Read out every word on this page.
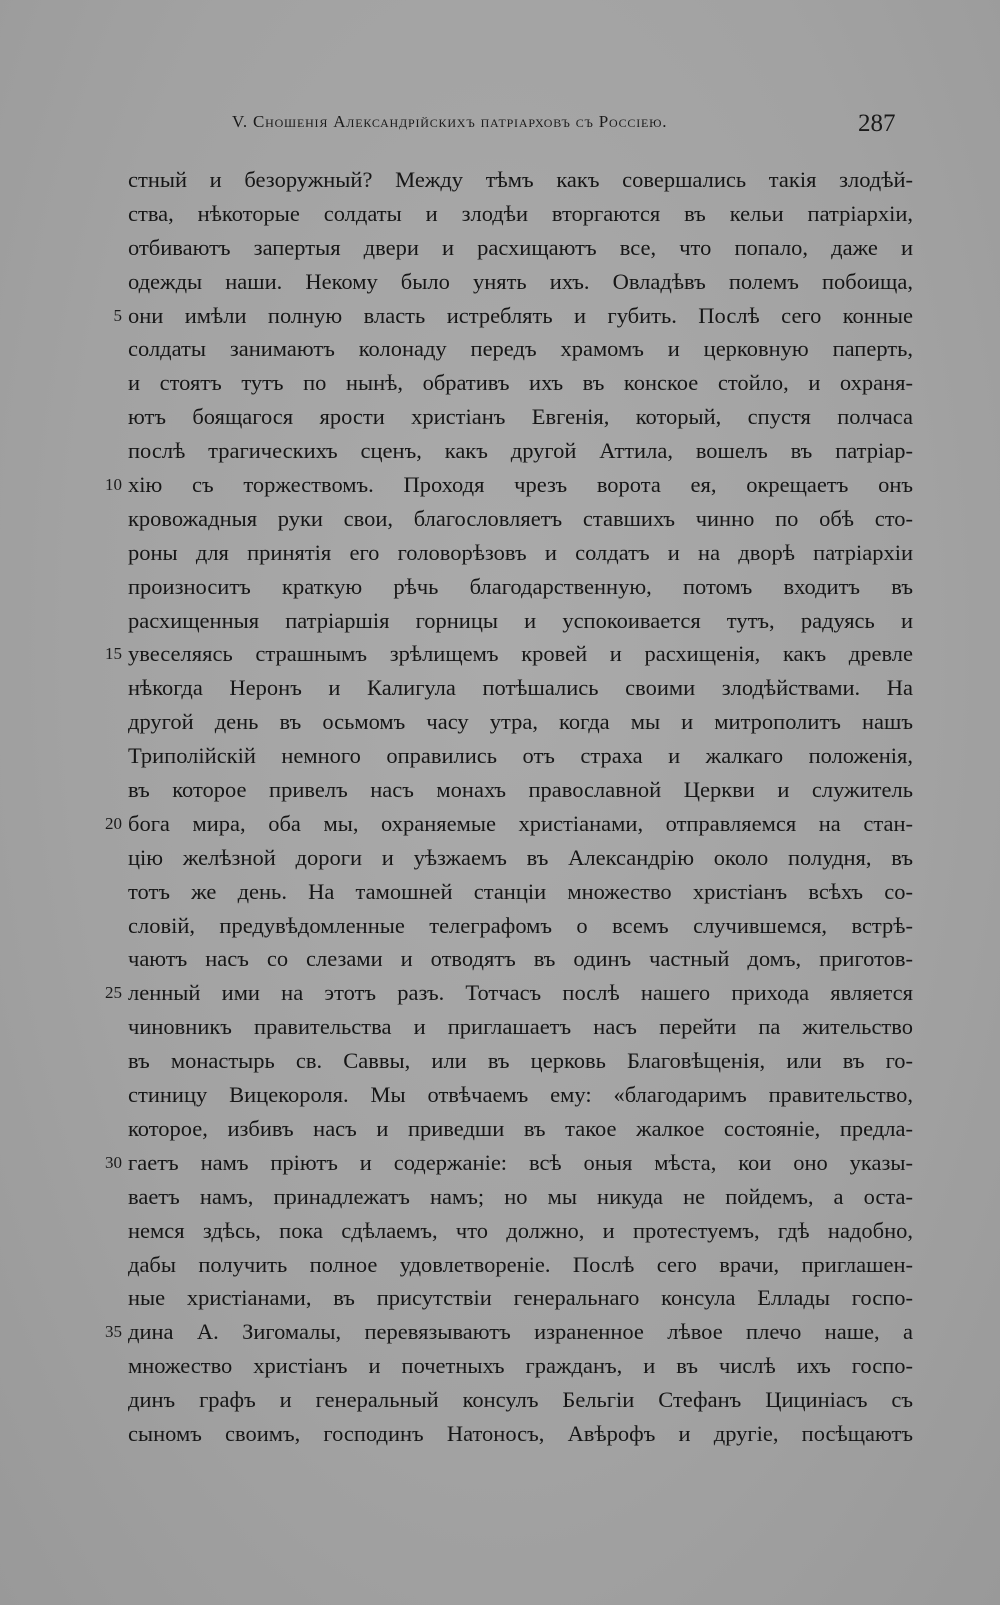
V. Сношенія Александрійскихъ патріарховъ съ Россіею.	287
стный и безоружный? Между тѣмъ какъ совершались такія злодѣй-
ства, нѣкоторые солдаты и злодѣи вторгаются въ кельи патріархіи,
отбиваютъ запертыя двери и расхищаютъ все, что попало, даже и
одежды наши. Некому было унять ихъ. Овладѣвъ полемъ побоища,
5 они имѣли полную власть истреблять и губить. Послѣ сего конные
солдаты занимаютъ колонаду передъ храмомъ и церковную паперть,
и стоятъ тутъ по нынѣ, обративъ ихъ въ конское стойло, и охраня-
ютъ боящагося ярости христіанъ Евгенія, который, спустя полчаса
послѣ трагическихъ сценъ, какъ другой Аттила, вошелъ въ патріар-
10 хію съ торжествомъ. Проходя чрезъ ворота ея, окрещаетъ онъ
кровожадныя руки свои, благословляетъ ставшихъ чинно по обѣ сто-
роны для принятія его головорѣзовъ и солдатъ и на дворѣ патріархіи
произноситъ краткую рѣчь благодарственную, потомъ входитъ въ
расхищенныя патріаршія горницы и успокоивается тутъ, радуясь и
15 увеселяясь страшнымъ зрѣлищемъ кровей и расхищенія, какъ древле
нѣкогда Неронъ и Калигула потѣшались своими злодѣйствами. На
другой день въ осьмомъ часу утра, когда мы и митрополитъ нашъ
Триполійскій немного оправились отъ страха и жалкаго положенія,
въ которое привелъ насъ монахъ православной Церкви и служитель
20 бога мира, оба мы, охраняемые христіанами, отправляемся на стан-
цію желѣзной дороги и уѣзжаемъ въ Александрію около полудня, въ
тотъ же день. На тамошней станціи множество христіанъ всѣхъ со-
словій, предувѣдомленные телеграфомъ о всемъ случившемся, встрѣ-
чаютъ насъ со слезами и отводятъ въ одинъ частный домъ, приготов-
25 ленный ими на этотъ разъ. Тотчасъ послѣ нашего прихода является
чиновникъ правительства и приглашаетъ насъ перейти па жительство
въ монастырь св. Саввы, или въ церковь Благовѣщенія, или въ го-
стиницу Вицекороля. Мы отвѣчаемъ ему: «благодаримъ правительство,
которое, избивъ насъ и приведши въ такое жалкое состояніе, предла-
30 гаетъ намъ пріютъ и содержаніе: всѣ оныя мѣста, кои оно указы-
ваетъ намъ, принадлежатъ намъ; но мы никуда не пойдемъ, а оста-
немся здѣсь, пока сдѣлаемъ, что должно, и протестуемъ, гдѣ надобно,
дабы получить полное удовлетвореніе. Послѣ сего врачи, приглашен-
ные христіанами, въ присутствіи генеральнаго консула Еллады госпо-
35 дина А. Зигомалы, перевязываютъ израненное лѣвое плечо наше, а
множество христіанъ и почетныхъ гражданъ, и въ числѣ ихъ госпо-
динъ графъ и генеральный консулъ Бельгіи Стефанъ Цициніасъ съ
сыномъ своимъ, господинъ Натоносъ, Авѣрофъ и другіе, посѣщаютъ
